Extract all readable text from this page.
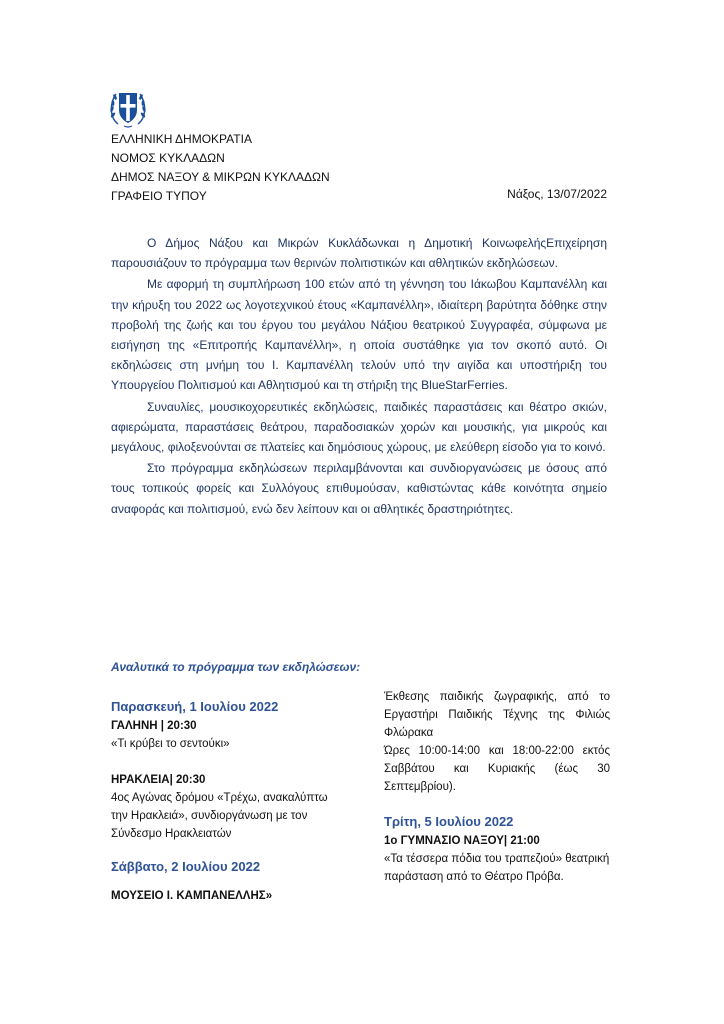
ΕΛΛΗΝΙΚΗ ΔΗΜΟΚΡΑΤΙΑ
ΝΟΜΟΣ ΚΥΚΛΑΔΩΝ
ΔΗΜΟΣ ΝΑΞΟΥ & ΜΙΚΡΩΝ ΚΥΚΛΑΔΩΝ
ΓΡΑΦΕΙΟ ΤΥΠΟΥ	Νάξος, 13/07/2022

Ο Δήμος Νάξου και Μικρών Κυκλάδωνκαι η Δημοτική ΚοινωφελήςΕπιχείρηση παρουσιάζουν το πρόγραμμα των θερινών πολιτιστικών και αθλητικών εκδηλώσεων.

Με αφορμή τη συμπλήρωση 100 ετών από τη γέννηση του Ιάκωβου Καμπανέλλη και την κήρυξη του 2022 ως λογοτεχνικού έτους «Καμπανέλλη», ιδιαίτερη βαρύτητα δόθηκε στην προβολή της ζωής και του έργου του μεγάλου Νάξιου θεατρικού Συγγραφέα, σύμφωνα με εισήγηση της «Επιτροπής Καμπανέλλη», η οποία συστάθηκε για τον σκοπό αυτό. Οι εκδηλώσεις στη μνήμη του Ι. Καμπανέλλη τελούν υπό την αιγίδα και υποστήριξη του Υπουργείου Πολιτισμού και Αθλητισμού και τη στήριξη της BlueStarFerries.

Συναυλίες, μουσικοχορευτικές εκδηλώσεις, παιδικές παραστάσεις και θέατρο σκιών, αφιερώματα, παραστάσεις θεάτρου, παραδοσιακών χορών και μουσικής, για μικρούς και μεγάλους, φιλοξενούνται σε πλατείες και δημόσιους χώρους, με ελεύθερη είσοδο για το κοινό.

Στο πρόγραμμα εκδηλώσεων περιλαμβάνονται και συνδιοργανώσεις με όσους από τους τοπικούς φορείς και Συλλόγους επιθυμούσαν, καθιστώντας κάθε κοινότητα σημείο αναφοράς και πολιτισμού, ενώ δεν λείπουν και οι αθλητικές δραστηριότητες.

Αναλυτικά το πρόγραμμα των εκδηλώσεων:
Παρασκευή, 1 Ιουλίου 2022
ΓΑΛΗΝΗ | 20:30
«Τι κρύβει το σεντούκι»
ΗΡΑΚΛΕΙΑ| 20:30
4ος Αγώνας δρόμου «Τρέχω, ανακαλύπτω την Ηρακλειά», συνδιοργάνωση με τον Σύνδεσμο Ηρακλειατών
Σάββατο, 2 Ιουλίου 2022
ΜΟΥΣΕΙΟ Ι. ΚΑΜΠΑΝΕΛΛΗΣ»
Έκθεσης παιδικής ζωγραφικής, από το Εργαστήρι Παιδικής Τέχνης της Φιλιώς Φλώρακα
Ώρες 10:00-14:00 και 18:00-22:00 εκτός Σαββάτου και Κυριακής (έως 30 Σεπτεμβρίου).
Τρίτη, 5 Ιουλίου 2022
1ο ΓΥΜΝΑΣΙΟ ΝΑΞΟΥ| 21:00
«Τα τέσσερα πόδια του τραπεζιού» θεατρική παράσταση από το Θέατρο Πρόβα.
